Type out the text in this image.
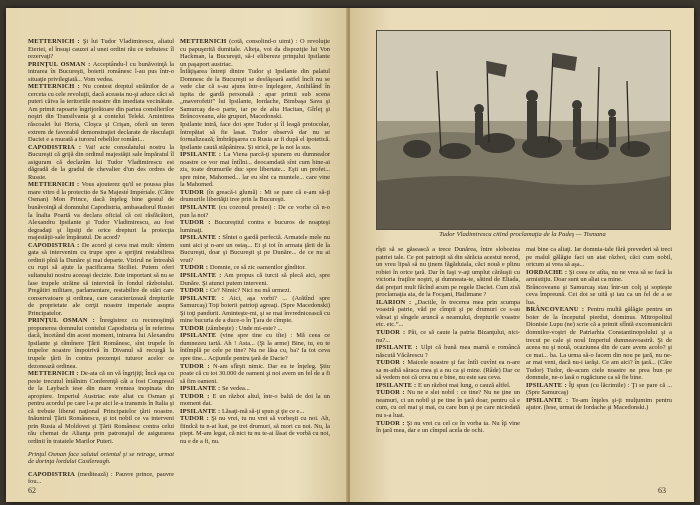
METTERNICH : Şi lui Tudor Vladimirescu, aliatul Eteriei, el însuşi cauzei al unei ordini rău ce trebuiesc îl rezervaţi?

PRINŢUL OSMAN : Acceptându-l cu bunăvoinţă la intrarea în Bucureşti, boierii românesc l-au pus într-o situaţie privilegiată... Vom vedea.

METTERNICH : Nu contest dreptul străinilor de a cerceta cu cele revoluţii, dacă aceasta nu-şi aduce căci să puteri căiva la teritoriile noastre din imediata vecinătate. Am primit rapoarte îngrijorătoare din partea consilierilor noştri din Transilvania şi a contelui Teleki. Amintirea răscoalei lui Horia, Cloşca şi Crişan, oferă un teren extrem de favorabil demonstraţiei declarate de răsculaţii Daciei e a murată a turorul rebelilor români...

CAPODISTRIA : Vai! acte consulatului nostru la Bucureşti că grijă din ordinul majestăţii sale împăratul îl asiguram că declarăm lui Tudor Vladimirescu est dăgradă de la gradul de chevalier d'un des ordres de Russie.

METTERNICH : Vous ajouterez qu'il se poussa plus mare vitro d la protectio de Sa Majesté Impériale. (Către Osman) Mon Prince, dacă înţeleg bine gestul de bunăvoinţă al domnului Capodistria, ambasadorul Rusiei la înalta Poartă va declara oficial că cei răsfăcători, Alexandru Ipsilante şi Tudor Vladimirescu, au fost degradaţi şi lipsiţi de orice drepturi la protecţia majestăţii-sale împăratul. De acord?

CAPODISTRIA : De acord şi ceva mai mult: sîntem gata să intervenim cu trupe spre a sprijini restabilirea ordinii pînă la Dunăre şi mai departe. Vizirul ne întreabă cu rupi să ajute la pacificarea Siciliei. Putem oferi sultanului nostru aceeaşi decizie. Este important să nu se lase trupele străine să intervină în fondul războiului. Pregătiri militare, parlamentare, restabilire de stări care conservatoare şi ordinea, care caracterizează drepturile de proprietate ale cerţii noastre imperiale asupra Principatelor.

PRINŢUL OSMAN : Înregistrez cu recunoştinţă propunerea domnului contelui Capodistria şi în referirea dacă, încetând din acest moment, intrarea lui Alexandru Ipsilante şi rămînere Ţării Românesc, sînt trupele în trupelor noastre împotrivă în Divanul să recurgă la trupele ţării în contra prezenţei tuturor acelor ce dezonează ordinea.

METTERNICH : De-ata că un vă îngrijiţi; Încă aşa cu peste trecutul întâlnim Conferenţă cât a fost Congresul de la Laybach iese din mare vremea inopinata din apropiere. Imperiul Austriac este aliat cu Osman şi pentru acordul pe care l-a pe aici le-a transmis în Italia şi că trebuie liberat naţional Principatelor ţării noastre. Inăuntrul Ţării Românescu, şi tot nobil ce va interveni prin Rusia al Moldovei şi Ţării Românesc contra celui rău chemat de Alianţa prin patronajul de asigurarea ordinii în tratatele Marilor Puteri.

Prinţul Osman face salutul oriental şi se retrage, urmat de dorinţa lordului Castlereagh.

CAPODISTRIA (meditează) : Pauvre prince, pauvre fou...

METTERNICH (cotă, consolind-o uimi) : O revoluţie cu papuşerită dumitale. Alteţa, voi da dispoziţie lui Von Hackman, la Bucureşti, să-i elibereze prinţului Ipsilante un paşaport austriac.

Înfăţişarea întreţi dintre Tudor şi Ipsilante din palatul Domnesc de la Bucureşti se desfăşoară astfel încît nu se vede clar că s-au ajuns într-o înţelegere, Anihilând în ispita de gardă personală : apar primii sub scena „maverofetii” lui Ipsilante, Iordache, Bimbaşa Sava şi Samurcaş de-o parte, iar pe de alta Hacitan, Gîrleţ şi Brâncoveanu, alte grupuri, Macedonski.

Ipsilante intră, face doi spre Tudor şi îl leagă protocolar, întrepătat să fie lasat. Tudor observă dar nu se formalizează; îmbrăţişarea cu Rusia ar fi după el ipotetică. Ipsilante caută stăpânirea. Şi strică, pe la noi la sus.

IPSILANTE : La Viena parcă-ţi spunem eu dumnealor noastre ce vor mai întîlni... deocamdată sînt cum bine-ai zis, toate drumurile duc spre libertate... Eşti un profet... spre mine, Mahomed... lar eu sînt ca muntele... care vine la Mahomed.

TUDOR (în greacă-i glumă) : Mi se pare că e-am să-ţi drumurile libertăţii tree prin la Bucureşti.

IPSILANTE (cu cozonul presiei) : De ce vorbe că n-o pun la noi?

TUDOR : Bucureştiul contra e bucuros de noapteşi luminaţi.

IPSILANTE : Sîntei o gardă perfectă. Armatele mele nu sunt aici şi n-are un ostaş... Ei şi tot în armata ţării de la Bucureşti, doar şi Bucureşti şi pe Dunăre... de ce nu ai vrut?

TUDOR : Domnie, ce să zic oamenilor gînditor.

IPSILANTE : Am propus că turcii să plecă aici, spre Dunăre. Şi atunci putem interveni.

TUDOR : Ce? Nimic? Nici nu mă urmezi.

IPSILANTE : Aici, aşa vorbi? ... (Arătînd spre Samurcaş) Toţi boierii patrioţi agreaţi. (Spre Macedonski) Şi toţi pandurii. Aminteşte-mi, şi se mai învrednicească cu mine bucuria de a duce-o în Ţara de cîmpie.

TUDOR (zâmbeşte) : Unde mi-este? ...

IPSILANTE (vine spre tine cu tîte) : Mă ceea ce dumnezeu iartă. Ah ! Asta... (Şi la arme) Bine, tu, eu te întîmplă pe cele pe tine? Nu ne lăsa cu, ba? Ia tot ceva spre tine... Acţiunile pentru ţară de Dacie?

TUDOR : N-am sfîrşit nimic. Dar eu te înţeleg. Ştiu poate că cu tot 30.000 de oameni şi noi avem un fel de a fi să fim oameni.

IPSILANTE : Se vedea...

TUDOR : E un război altul, într-o baltă de doi la un moment dat.

IPSILANTE : Lăsaţi-mă să-ţi spun şi ţie ce e...

TUDOR : Şi nu vrei, tu nu vrei să vorbeşti cu noi. Ah, fiindcă tu n-ai luat, pe trei drumuri, să mori cu noi. Nu, la piept. M-am legat, că nici tu nu te-ai lăsat de vorbă cu noi, nu e de a fi, nu.

62
Tudor Vladimirescu citind proclamaţia de la Padeş — Tismana

rîşti să se găsească a trece Dunărea, între sloboziea patriei tale. Ce pot patrioţii să din sărăcia acestui norod, un vreu lipsă să nu ţinem făgăduiala, căci nouă e plinu robiei în orice ţară. Dar în Iaşi v-aţi umplut cărăuşii cu victoria fraţilor noştri, şi dumneata-te, sătind de Eliada, dai preţuri mult făcînd acum pe regele Daciei. Cum zisă proclamaţia aia, de la Focşani, Hatlimane ?

ILARION : „Daciile, în trecerea mea prin scumpa voastră patrie, văd pe cîmpii şi pe drumuri ce s-au vărsat şi sîngele aruncă a neamului, drepturile voastre etc. etc.”...

TUDOR : Păi, ce să caute la patria Bizanţului, nici-nu?...

IPSILANTE : Ulpi că bună mea mamă e româncă născută Văcărescu ?

TUDOR : Maicele noastre şi fac întîi cuvînt ea n-are sa m-aibă săraca mea şi a nu ca şi mine. (Râde) Dar ce să vedem noi că ceva nu e bine, nu este sau ceva.

IPSILANTE : E un război mai lung, o cauză altfel.

TUDOR : Nu ne e slei nobil : ce tine? Nu ne ţine un neamuri, ci un nobil şi pe tine în ţară doar, pentru că e cum, cu cel mai şi mai, cu care bun şi pe care niciodată nu s-a luat.

TUDOR : Şi nu vrei cu cel ce în vorba ta. Nu îţi vine în ţară mea, dar e un cîmpul acela de ochi.

mai bine ca aliaţi. Iar domnia-tale fără prevederi să treci pe malul gălăgie faci un atat război, căci cum nobil, oricum ai vrea să aşa...

IORDACHE : Şi ceea ce atîta, nu ne vrea să se facă la armistiţiu. Doar sunt un aliat ca mine.

Brâncoveanu şi Samurcaş stau într-un colţ şi sopteşte ceva împreună. Cei doi se uită şi iau ca un fel de a se lua.

BRÂNCOVEANU : Pentru multă gălăgie pentru un boier de la începutul pierdut, dominus. Mitropolitul Dionisie Lupu (ne) scrie că a primit sfîntă excomunicării domnilor-voştri de Patriarhia Constantinopolului şi a trecut pe cale şi noul Imperiul dumneavoastră. Şi de aceea nu şi nouă, ocaziunea din de care avem acolo? şi ce mai... ba. La urma să-o facem din nou pe ţară, nu ne-ar mai veni, dacă nu-i iarăşi. Ce am aici? în ţară... (Căre Tudor) Tudor, de-acum ciele noastre ne prea bun pe domnule, ne-o lasă o rugăciune ca să fie bine.

IPSILANTE : Îţi spun (cu lăcrimile) : Ţi se pare că ... (Spre Samurcaş)

IPSILANTE : Te-am înţeles şi-ţi mulţumim pentru ajutor. (Iese, urmat de Iordache şi Macedonski.)

63
